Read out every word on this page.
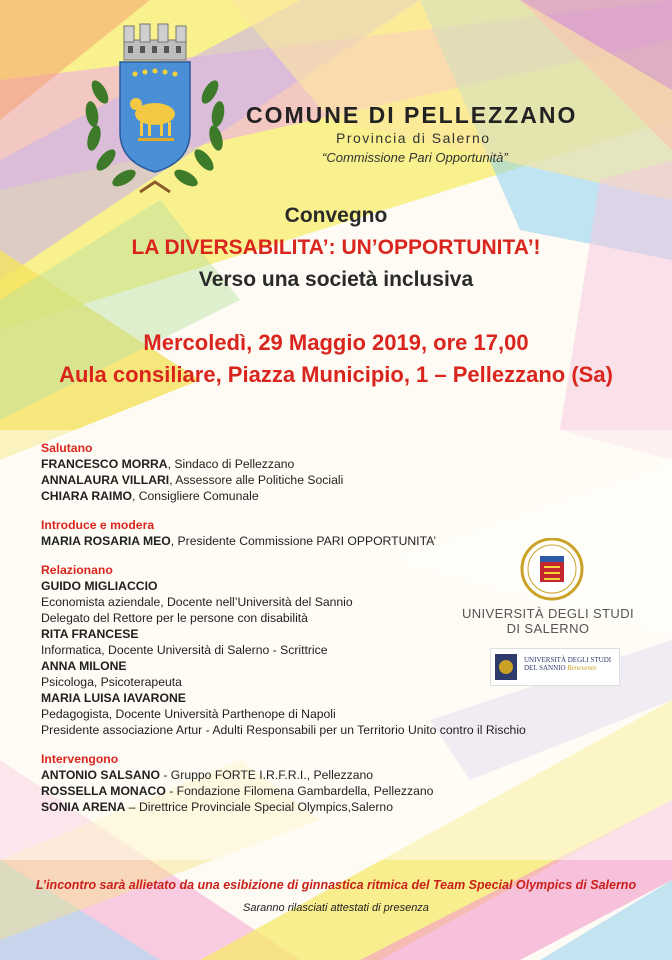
COMUNE DI PELLEZZANO
Provincia di Salerno
“Commissione Pari Opportunità”
Convegno
LA DIVERSABILITA’: UN’OPPORTUNITA’!
Verso una società inclusiva
Mercoledì, 29 Maggio 2019, ore 17,00
Aula consiliare, Piazza Municipio, 1 – Pellezzano (Sa)
Salutano
FRANCESCO MORRA, Sindaco di Pellezzano
ANNALAURA VILLARI, Assessore alle Politiche Sociali
CHIARA RAIMO, Consigliere Comunale
Introduce e modera
MARIA ROSARIA MEO, Presidente Commissione PARI OPPORTUNITA’
Relazionano
GUIDO MIGLIACCIO
Economista aziendale, Docente nell’Università del Sannio
Delegato del Rettore per le persone con disabilità
RITA FRANCESE
Informatica, Docente Università di Salerno - Scrittrice
ANNA MILONE
Psicologa, Psicoterapeuta
MARIA LUISA IAVARONE
Pedagogista, Docente Università Parthenope di Napoli
Presidente associazione Artur - Adulti Responsabili per un Territorio Unito contro il Rischio
Intervengono
ANTONIO SALSANO - Gruppo FORTE I.R.F.R.I., Pellezzano
ROSSELLA MONACO - Fondazione Filomena Gambardella, Pellezzano
SONIA ARENA – Direttrice Provinciale Special Olympics,Salerno
UNIVERSITÀ DEGLI STUDI
DI SALERNO
UNIVERSITÀ DEGLI STUDI
DEL SANNIO Benevento
L’incontro sarà allietato da una esibizione di ginnastica ritmica del Team Special Olympics di Salerno
Saranno rilasciati attestati di presenza
